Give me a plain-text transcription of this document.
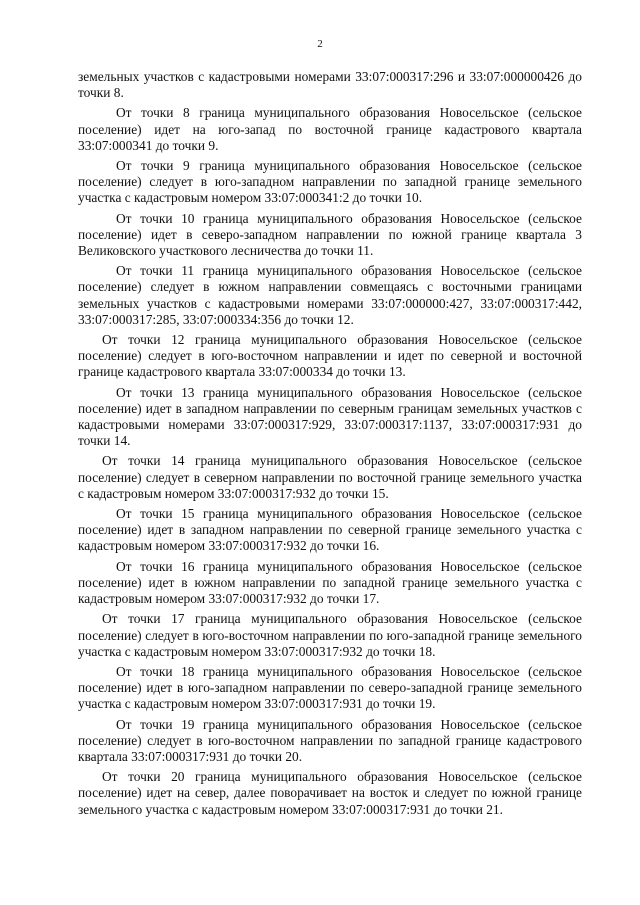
2

земельных участков с кадастровыми номерами 33:07:000317:296 и 33:07:000000426 до точки 8.

От точки 8 граница муниципального образования Новосельское (сельское поселение) идет на юго-запад по восточной границе кадастрового квартала 33:07:000341 до точки 9.

От точки 9 граница муниципального образования Новосельское (сельское поселение) следует в юго-западном направлении по западной границе земельного участка с кадастровым номером 33:07:000341:2 до точки 10.

От точки 10 граница муниципального образования Новосельское (сельское поселение) идет в северо-западном направлении по южной границе квартала 3 Великовского участкового лесничества до точки 11.

От точки 11 граница муниципального образования Новосельское (сельское поселение) следует в южном направлении совмещаясь с восточными границами земельных участков с кадастровыми номерами 33:07:000000:427, 33:07:000317:442, 33:07:000317:285, 33:07:000334:356 до точки 12.

От точки 12 граница муниципального образования Новосельское (сельское поселение) следует в юго-восточном направлении и идет по северной и восточной границе кадастрового квартала 33:07:000334 до точки 13.

От точки 13 граница муниципального образования Новосельское (сельское поселение) идет в западном направлении по северным границам земельных участков с кадастровыми номерами 33:07:000317:929, 33:07:000317:1137, 33:07:000317:931 до точки 14.

От точки 14 граница муниципального образования Новосельское (сельское поселение) следует в северном направлении по восточной границе земельного участка с кадастровым номером 33:07:000317:932 до точки 15.

От точки 15 граница муниципального образования Новосельское (сельское поселение) идет в западном направлении по северной границе земельного участка с кадастровым номером 33:07:000317:932 до точки 16.

От точки 16 граница муниципального образования Новосельское (сельское поселение) идет в южном направлении по западной границе земельного участка с кадастровым номером 33:07:000317:932 до точки 17.

От точки 17 граница муниципального образования Новосельское (сельское поселение) следует в юго-восточном направлении по юго-западной границе земельного участка с кадастровым номером 33:07:000317:932 до точки 18.

От точки 18 граница муниципального образования Новосельское (сельское поселение) идет в юго-западном направлении по северо-западной границе земельного участка с кадастровым номером 33:07:000317:931 до точки 19.

От точки 19 граница муниципального образования Новосельское (сельское поселение) следует в юго-восточном направлении по западной границе кадастрового квартала 33:07:000317:931 до точки 20.

От точки 20 граница муниципального образования Новосельское (сельское поселение) идет на север, далее поворачивает на восток и следует по южной границе земельного участка с кадастровым номером 33:07:000317:931 до точки 21.
